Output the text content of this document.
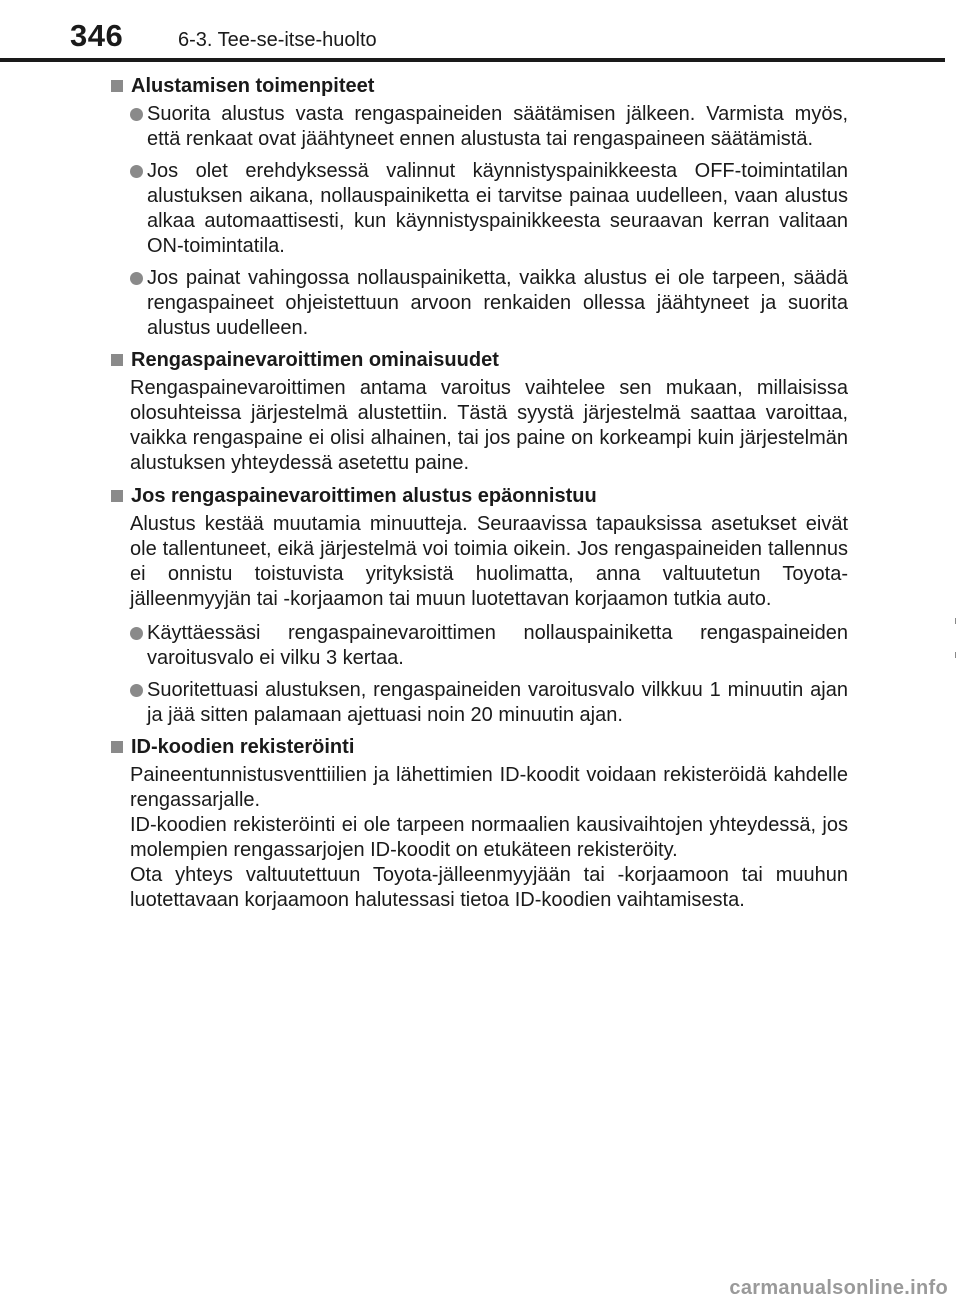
346	6-3. Tee-se-itse-huolto
Alustamisen toimenpiteet
Suorita alustus vasta rengaspaineiden säätämisen jälkeen. Varmista myös, että renkaat ovat jäähtyneet ennen alustusta tai rengaspaineen säätämistä.
Jos olet erehdyksessä valinnut käynnistyspainikkeesta OFF-toimintatilan alustuksen aikana, nollauspainiketta ei tarvitse painaa uudelleen, vaan alustus alkaa automaattisesti, kun käynnistyspainikkeesta seuraavan kerran valitaan ON-toimintatila.
Jos painat vahingossa nollauspainiketta, vaikka alustus ei ole tarpeen, säädä rengaspaineet ohjeistettuun arvoon renkaiden ollessa jäähtyneet ja suorita alustus uudelleen.
Rengaspainevaroittimen ominaisuudet

Rengaspainevaroittimen antama varoitus vaihtelee sen mukaan, millaisissa olosuhteissa järjestelmä alustettiin. Tästä syystä järjestelmä saattaa varoittaa, vaikka rengaspaine ei olisi alhainen, tai jos paine on korkeampi kuin järjestelmän alustuksen yhteydessä asetettu paine.

Jos rengaspainevaroittimen alustus epäonnistuu

Alustus kestää muutamia minuutteja. Seuraavissa tapauksissa asetukset eivät ole tallentuneet, eikä järjestelmä voi toimia oikein. Jos rengaspaineiden tallennus ei onnistu toistuvista yrityksistä huolimatta, anna valtuutetun Toyota-jälleenmyyjän tai -korjaamon tai muun luotettavan korjaamon tutkia auto.

Käyttäessäsi rengaspainevaroittimen nollauspainiketta rengaspaineiden varoitusvalo ei vilku 3 kertaa.
Suoritettuasi alustuksen, rengaspaineiden varoitusvalo vilkkuu 1 minuutin ajan ja jää sitten palamaan ajettuasi noin 20 minuutin ajan.
ID-koodien rekisteröinti

Paineentunnistusventtiilien ja lähettimien ID-koodit voidaan rekisteröidä kahdelle rengassarjalle.

ID-koodien rekisteröinti ei ole tarpeen normaalien kausivaihtojen yhteydessä, jos molempien rengassarjojen ID-koodit on etukäteen rekisteröity.

Ota yhteys valtuutettuun Toyota-jälleenmyyjään tai -korjaamoon tai muuhun luotettavaan korjaamoon halutessasi tietoa ID-koodien vaihtamisesta.

carmanualsonline.info
